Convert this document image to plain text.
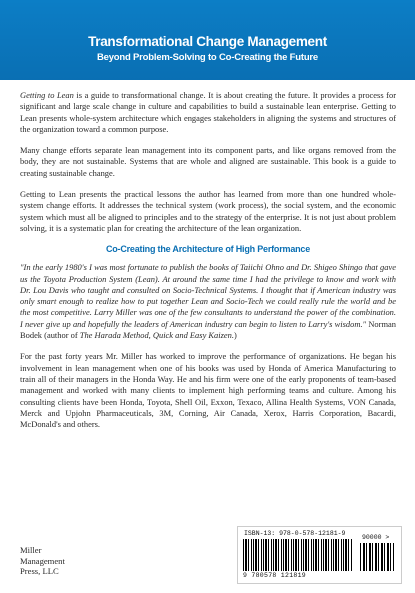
Transformational Change Management
Beyond Problem-Solving to Co-Creating the Future

Getting to Lean is a guide to transformational change. It is about creating the future. It provides a process for significant and large scale change in culture and capabilities to build a sustainable lean enterprise. Getting to Lean presents whole-system architecture which engages stakeholders in aligning the systems and structures of the organization toward a common purpose.

Many change efforts separate lean management into its component parts, and like organs removed from the body, they are not sustainable. Systems that are whole and aligned are sustainable. This book is a guide to creating sustainable change.

Getting to Lean presents the practical lessons the author has learned from more than one hundred whole-system change efforts. It addresses the technical system (work process), the social system, and the economic system which must all be aligned to principles and to the strategy of the enterprise. It is not just about problem solving, it is a systematic plan for creating the architecture of the lean organization.

Co-Creating the Architecture of High Performance

"In the early 1980's I was most fortunate to publish the books of Taiichi Ohno and Dr. Shigeo Shingo that gave us the Toyota Production System (Lean). At around the same time I had the privilege to know and work with Dr. Lou Davis who taught and consulted on Socio-Technical Systems. I thought that if American industry was only smart enough to realize how to put together Lean and Socio-Tech we could really rule the world and be the most competitive. Larry Miller was one of the few consultants to understand the power of the combination. I never give up and hopefully the leaders of American industry can begin to listen to Larry's wisdom." Norman Bodek (author of The Harada Method, Quick and Easy Kaizen.)

For the past forty years Mr. Miller has worked to improve the performance of organizations. He began his involvement in lean management when one of his books was used by Honda of America Manufacturing to train all of their managers in the Honda Way. He and his firm were one of the early proponents of team-based management and worked with many clients to implement high performing teams and culture. Among his consulting clients have been Honda, Toyota, Shell Oil, Exxon, Texaco, Allina Health Systems, VON Canada, Merck and Upjohn Pharmaceuticals, 3M, Corning, Air Canada, Xerox, Harris Corporation, Bacardi, McDonald's and others.

Miller
Management
Press, LLC
ISBN-13: 978-0-578-12181-9
90000 >
9 780578 121819
